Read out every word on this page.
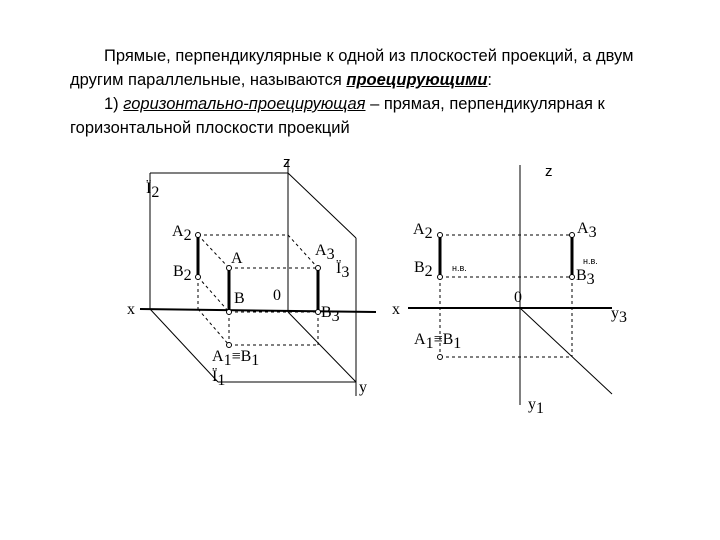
Прямые, перпендикулярные к одной из плоскостей проекций, а двум другим параллельные, называются проецирующими:

1) горизонтально-проецирующая – прямая, перпендикулярная к горизонтальной плоскости проекций

z
Ï2
A2
B2
A
B 0
A3
Ï3
B3
x
A1≡B1
Ï1	y
z
A2
B2 н.в.
A3
н.в.
B3
x
0
y3
A1≡B1
y1
